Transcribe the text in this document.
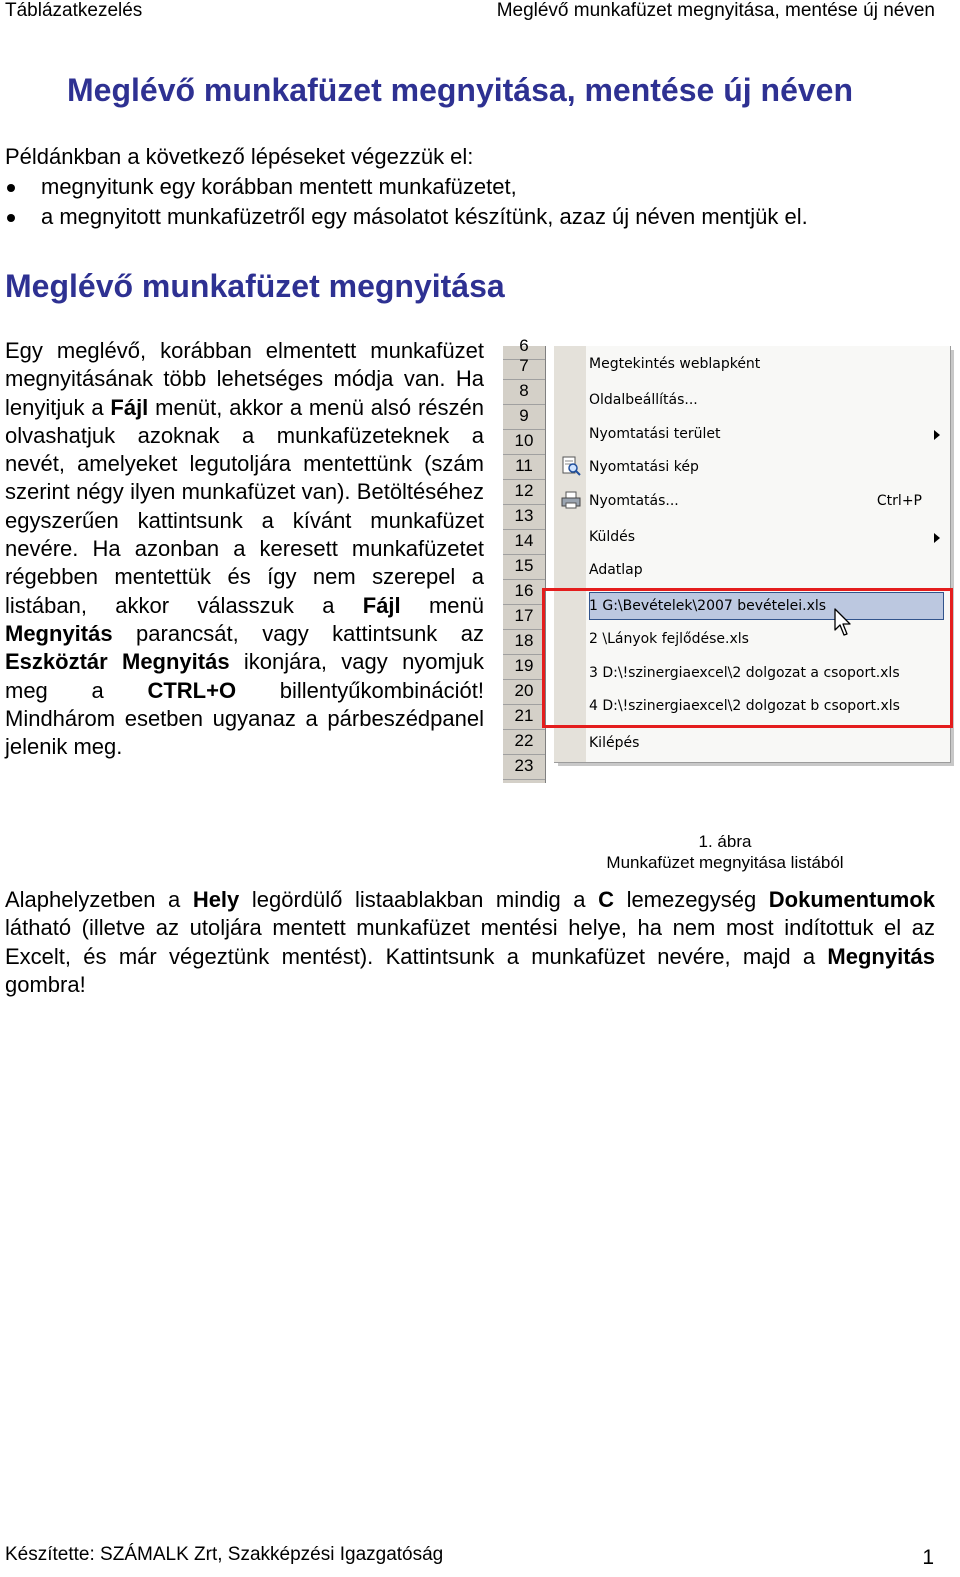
Táblázatkezelés	Meglévő munkafüzet megnyitása, mentése új néven
Meglévő munkafüzet megnyitása, mentése új néven
Példánkban a következő lépéseket végezzük el:
megnyitunk egy korábban mentett munkafüzetet,
a megnyitott munkafüzetről egy másolatot készítünk, azaz új néven mentjük el.
Meglévő munkafüzet megnyitása
Egy meglévő, korábban elmentett munkafüzet megnyitásának több lehetséges módja van. Ha lenyitjuk a Fájl menüt, akkor a menü alsó részén olvashatjuk azoknak a munkafüzeteknek a nevét, amelyeket legutoljára mentettünk (szám szerint négy ilyen munkafüzet van). Betöltéséhez egyszerűen kattintsunk a kívánt munkafüzet nevére. Ha azonban a keresett munkafüzetet régebben mentettük és így nem szerepel a listában, akkor válasszuk a Fájl menü Megnyitás parancsát, vagy kattintsunk az Eszköztár Megnyitás ikonjára, vagy nyomjuk meg a CTRL+O billentyűkombinációt! Mindhárom esetben ugyanaz a párbeszédpanel jelenik meg.
6
7
8
9
10
11
12
13
14
15
16
17
18
19
20
21
22
23
Megtekintés weblapként
Oldalbeállítás...
Nyomtatási terület
Nyomtatási kép
Nyomtatás...	Ctrl+P
Küldés
Adatlap
1 G:\Bevételek\2007 bevételei.xls
2 \Lányok fejlődése.xls
3 D:\!szinergiaexcel\2 dolgozat a csoport.xls
4 D:\!szinergiaexcel\2 dolgozat b csoport.xls
Kilépés
1. ábra
Munkafüzet megnyitása listából
Alaphelyzetben a Hely legördülő listaablakban mindig a C lemezegység Dokumentumok látható (illetve az utoljára mentett munkafüzet mentési helye, ha nem most indítottuk el az Excelt, és már végeztünk mentést). Kattintsunk a munkafüzet nevére, majd a Megnyitás gombra!
Készítette: SZÁMALK Zrt, Szakképzési Igazgatóság	1
